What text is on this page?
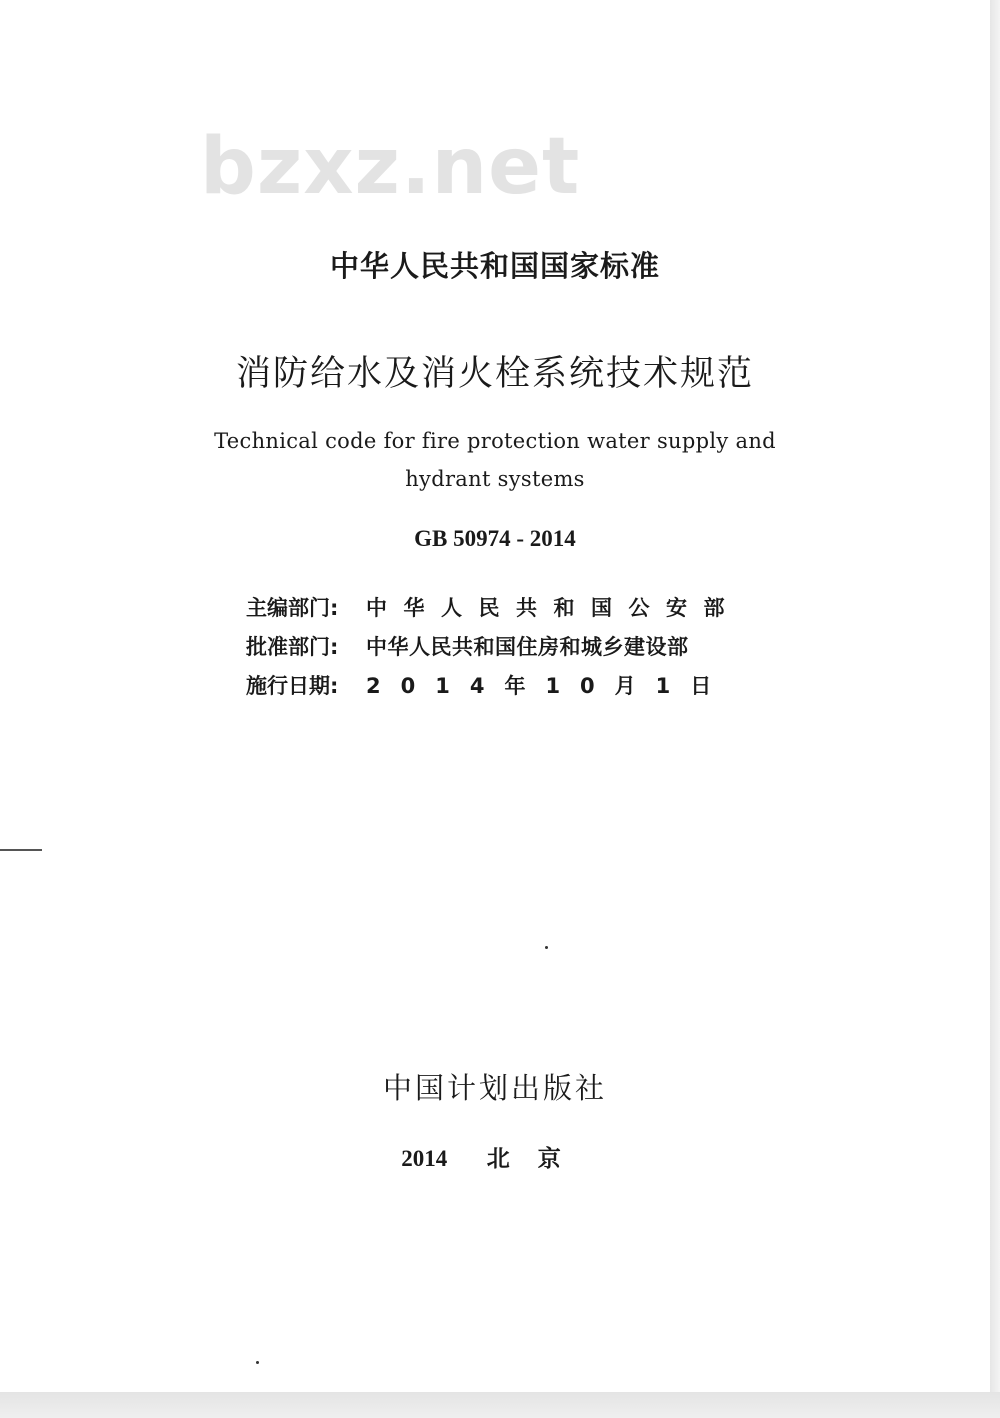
bzxz.net
中华人民共和国国家标准
消防给水及消火栓系统技术规范
Technical code for fire protection water supply and
hydrant systems
GB 50974 - 2014
主编部门:	中华人民共和国公安部
批准部门:	中华人民共和国住房和城乡建设部
施行日期:	2014年10月1日
中国计划出版社
2014 北京
